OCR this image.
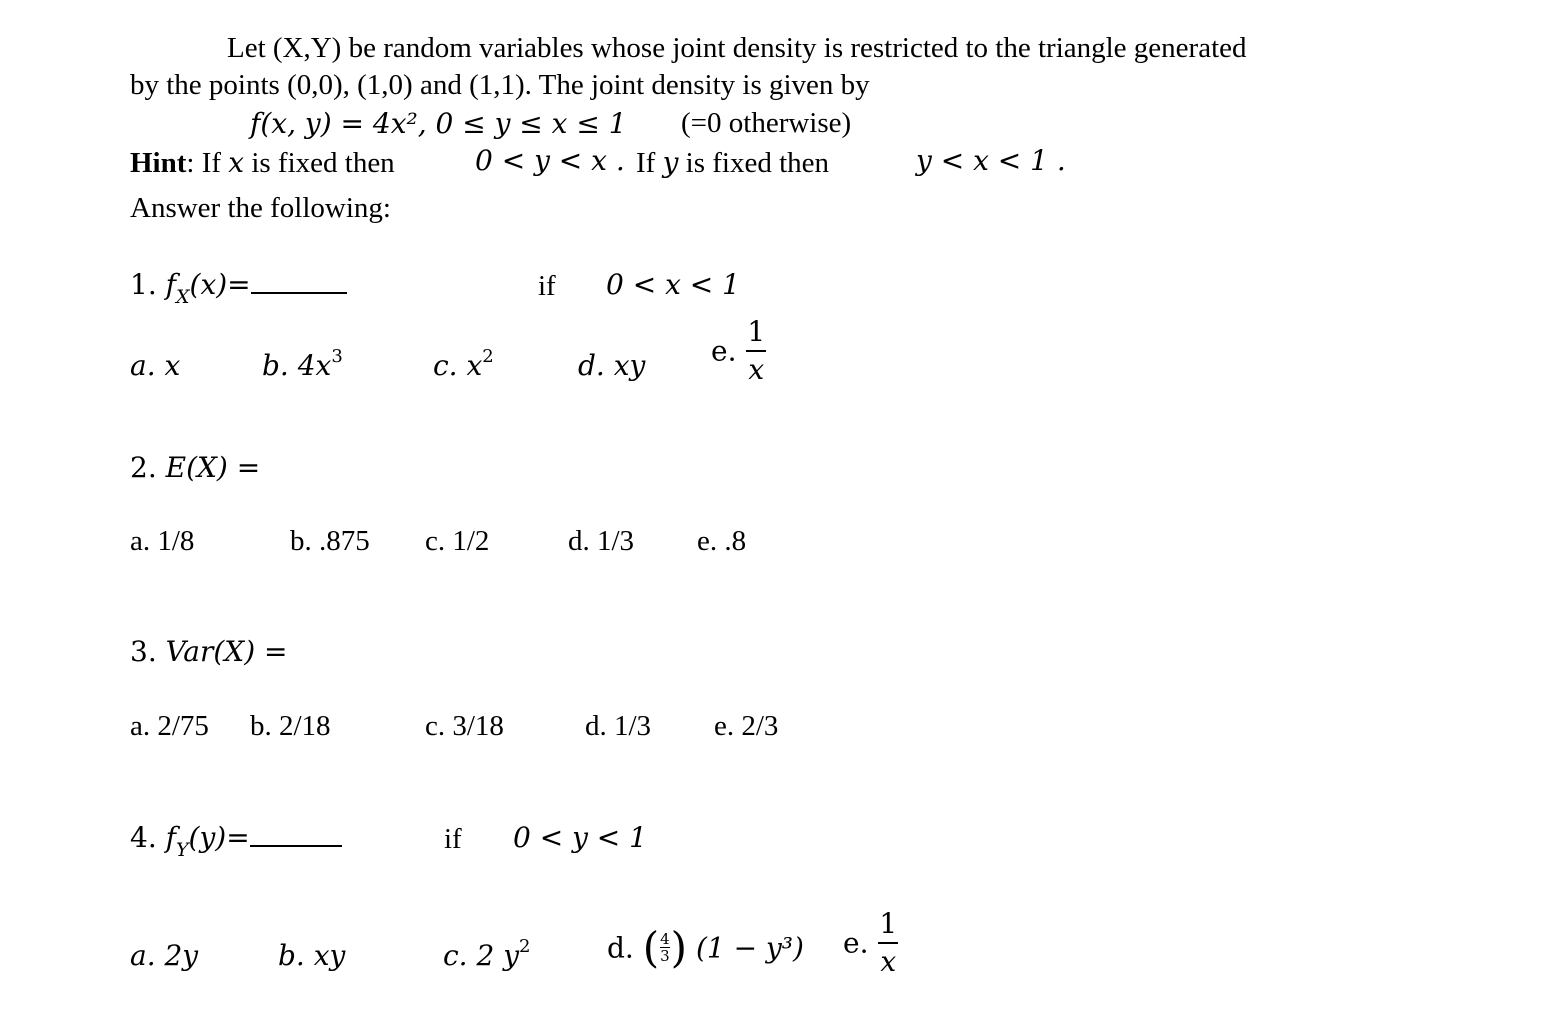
Let (X,Y) be random variables whose joint density is restricted to the triangle generated
by the points (0,0), (1,0) and (1,1). The joint density is given by
f(x, y) = 4x², 0 ≤ y ≤ x ≤ 1 (=0 otherwise)
Hint: If x is fixed then	0 < y < x . If y is fixed then	y < x < 1 .
Answer the following:
1. $f_X(x)=$	if 0 < x < 1
a. x	b. $4x^3$	c. $x^2$	d. xy e. $\frac{1}{x}$
2. E(X) =
a. 1/8	b. .875 c. 1/2	d. 1/3 e. .8
3. Var(X) =
a. 2/75 b. 2/18	c. 3/18	d. 1/3 e. 2/3
4. $f_Y(y)=$	if 0 < y < 1
a. 2y	b. xy	c. 2 $y^2$	d. ( $\frac{4}{3}$ ) (1 − y³) e. $\frac{1}{x}$
